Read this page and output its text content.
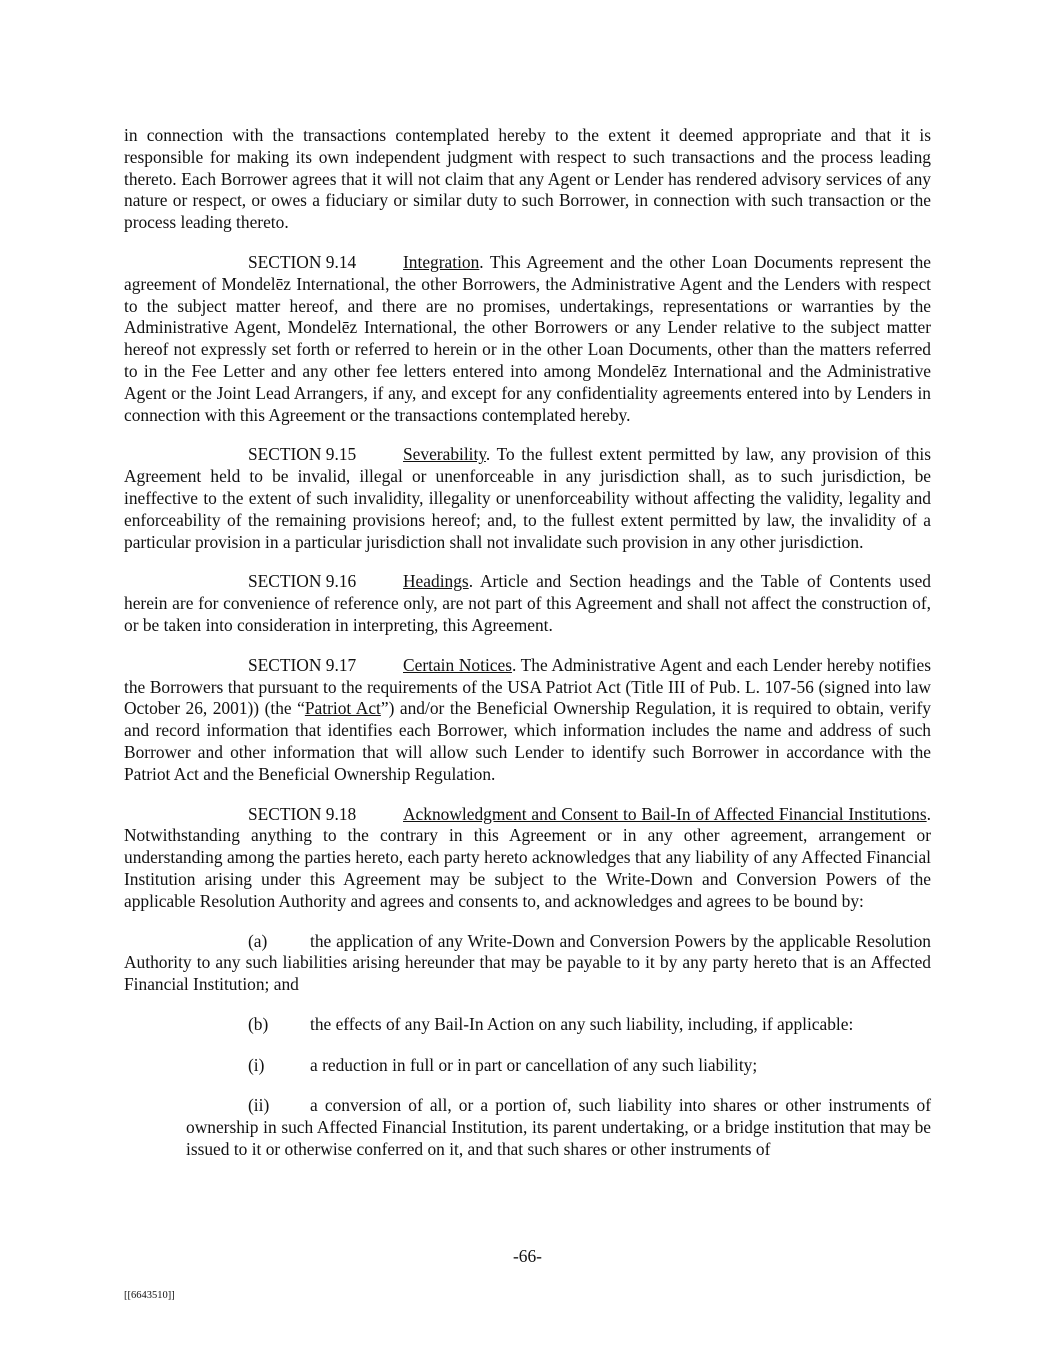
in connection with the transactions contemplated hereby to the extent it deemed appropriate and that it is responsible for making its own independent judgment with respect to such transactions and the process leading thereto. Each Borrower agrees that it will not claim that any Agent or Lender has rendered advisory services of any nature or respect, or owes a fiduciary or similar duty to such Borrower, in connection with such transaction or the process leading thereto.

SECTION 9.14	Integration. This Agreement and the other Loan Documents represent the agreement of Mondelēz International, the other Borrowers, the Administrative Agent and the Lenders with respect to the subject matter hereof, and there are no promises, undertakings, representations or warranties by the Administrative Agent, Mondelēz International, the other Borrowers or any Lender relative to the subject matter hereof not expressly set forth or referred to herein or in the other Loan Documents, other than the matters referred to in the Fee Letter and any other fee letters entered into among Mondelēz International and the Administrative Agent or the Joint Lead Arrangers, if any, and except for any confidentiality agreements entered into by Lenders in connection with this Agreement or the transactions contemplated hereby.

SECTION 9.15	Severability. To the fullest extent permitted by law, any provision of this Agreement held to be invalid, illegal or unenforceable in any jurisdiction shall, as to such jurisdiction, be ineffective to the extent of such invalidity, illegality or unenforceability without affecting the validity, legality and enforceability of the remaining provisions hereof; and, to the fullest extent permitted by law, the invalidity of a particular provision in a particular jurisdiction shall not invalidate such provision in any other jurisdiction.

SECTION 9.16	Headings. Article and Section headings and the Table of Contents used herein are for convenience of reference only, are not part of this Agreement and shall not affect the construction of, or be taken into consideration in interpreting, this Agreement.

SECTION 9.17	Certain Notices. The Administrative Agent and each Lender hereby notifies the Borrowers that pursuant to the requirements of the USA Patriot Act (Title III of Pub. L. 107-56 (signed into law October 26, 2001)) (the “Patriot Act”) and/or the Beneficial Ownership Regulation, it is required to obtain, verify and record information that identifies each Borrower, which information includes the name and address of such Borrower and other information that will allow such Lender to identify such Borrower in accordance with the Patriot Act and the Beneficial Ownership Regulation.

SECTION 9.18	Acknowledgment and Consent to Bail-In of Affected Financial Institutions. Notwithstanding anything to the contrary in this Agreement or in any other agreement, arrangement or understanding among the parties hereto, each party hereto acknowledges that any liability of any Affected Financial Institution arising under this Agreement may be subject to the Write-Down and Conversion Powers of the applicable Resolution Authority and agrees and consents to, and acknowledges and agrees to be bound by:

(a) the application of any Write-Down and Conversion Powers by the applicable Resolution Authority to any such liabilities arising hereunder that may be payable to it by any party hereto that is an Affected Financial Institution; and

(b) the effects of any Bail-In Action on any such liability, including, if applicable:

(i)	a reduction in full or in part or cancellation of any such liability;

(ii) a conversion of all, or a portion of, such liability into shares or other instruments of ownership in such Affected Financial Institution, its parent undertaking, or a bridge institution that may be issued to it or otherwise conferred on it, and that such shares or other instruments of

-66-
[[6643510]]
